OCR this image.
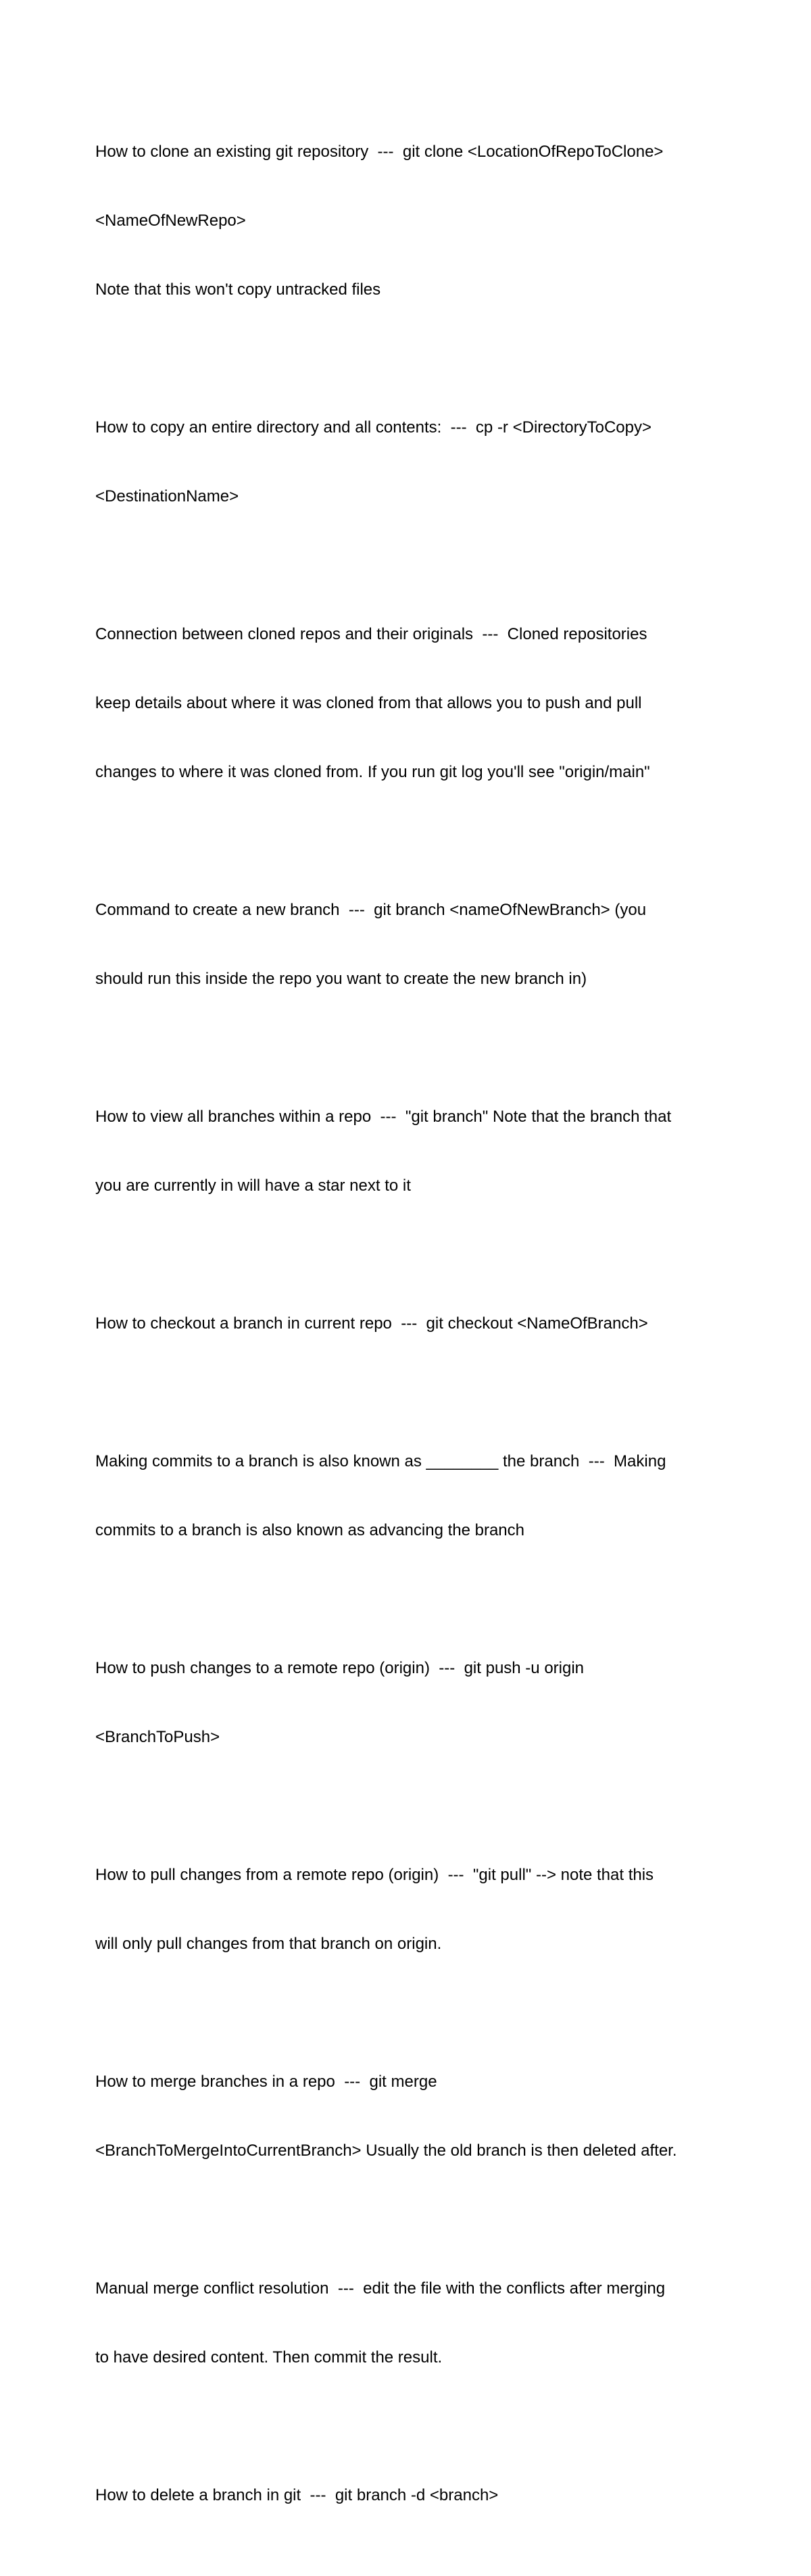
How to clone an existing git repository  ---  git clone <LocationOfRepoToClone>

<NameOfNewRepo>

Note that this won't copy untracked files

How to copy an entire directory and all contents:  ---  cp -r <DirectoryToCopy>

<DestinationName>

Connection between cloned repos and their originals  ---  Cloned repositories

keep details about where it was cloned from that allows you to push and pull

changes to where it was cloned from. If you run git log you'll see "origin/main"

Command to create a new branch  ---  git branch <nameOfNewBranch> (you

should run this inside the repo you want to create the new branch in)

How to view all branches within a repo  ---  "git branch" Note that the branch that

you are currently in will have a star next to it

How to checkout a branch in current repo  ---  git checkout <NameOfBranch>

Making commits to a branch is also known as ________ the branch  ---  Making

commits to a branch is also known as advancing the branch

How to push changes to a remote repo (origin)  ---  git push -u origin

<BranchToPush>

How to pull changes from a remote repo (origin)  ---  "git pull" --> note that this

will only pull changes from that branch on origin.

How to merge branches in a repo  ---  git merge

<BranchToMergeIntoCurrentBranch> Usually the old branch is then deleted after.

Manual merge conflict resolution  ---  edit the file with the conflicts after merging

to have desired content. Then commit the result.

How to delete a branch in git  ---  git branch -d <branch>
